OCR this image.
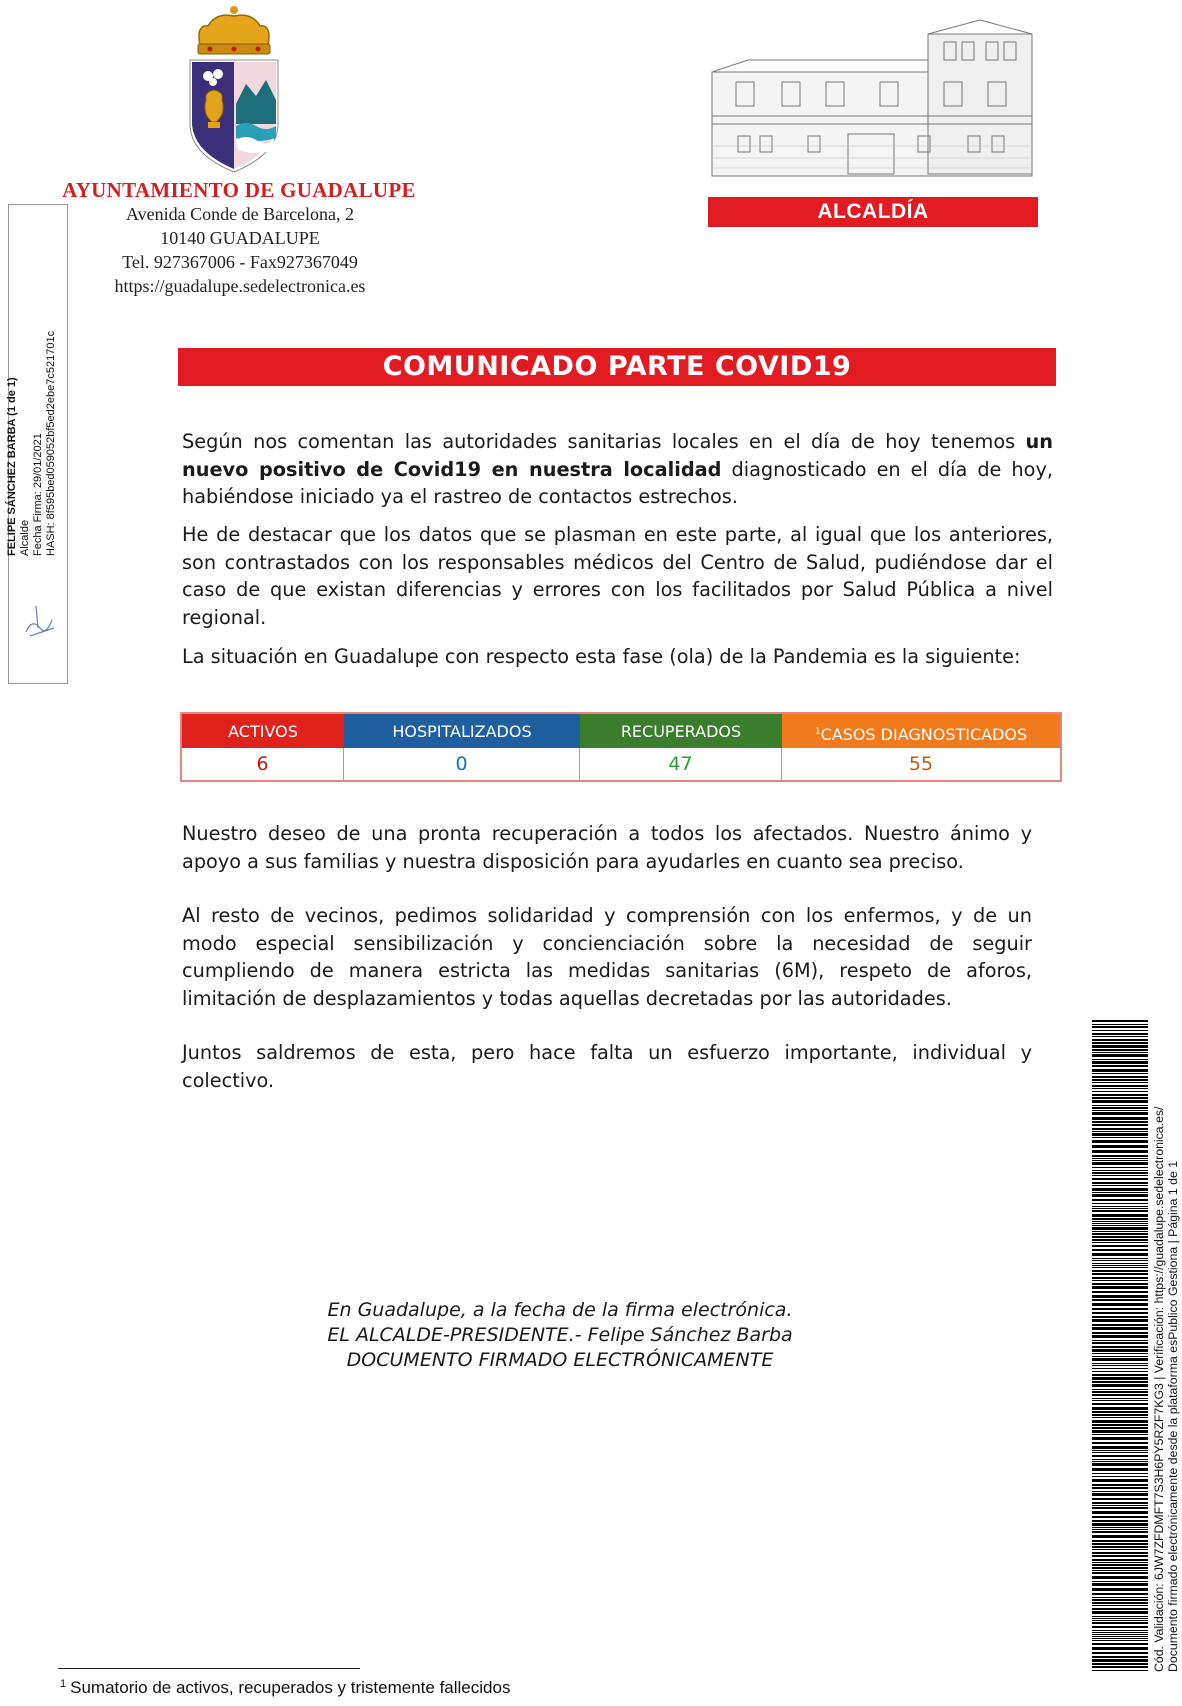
AYUNTAMIENTO DE GUADALUPE
Avenida Conde de Barcelona, 2
10140 GUADALUPE
Tel. 927367006 - Fax927367049
https://guadalupe.sedelectronica.es
ALCALDÍA
FELIPE SÁNCHEZ BARBA (1 de 1) Alcalde Fecha Firma: 29/01/2021 HASH: 8f595bed059052bf5ed2ebe7c521701c	COMUNICADO PARTE COVID19
Según nos comentan las autoridades sanitarias locales en el día de hoy tenemos un nuevo positivo de Covid19 en nuestra localidad diagnosticado en el día de hoy, habiéndose iniciado ya el rastreo de contactos estrechos.
He de destacar que los datos que se plasman en este parte, al igual que los anteriores, son contrastados con los responsables médicos del Centro de Salud, pudiéndose dar el caso de que existan diferencias y errores con los facilitados por Salud Pública a nivel regional.
La situación en Guadalupe con respecto esta fase (ola) de la Pandemia es la siguiente:
ACTIVOS
6
HOSPITALIZADOS
0
RECUPERADOS
47
$^1$CASOS DIAGNOSTICADOS
55
Nuestro deseo de una pronta recuperación a todos los afectados. Nuestro ánimo y apoyo a sus familias y nuestra disposición para ayudarles en cuanto sea preciso.
Al resto de vecinos, pedimos solidaridad y comprensión con los enfermos, y de un modo especial sensibilización y concienciación sobre la necesidad de seguir cumpliendo de manera estricta las medidas sanitarias (6M), respeto de aforos, limitación de desplazamientos y todas aquellas decretadas por las autoridades.
Juntos saldremos de esta, pero hace falta un esfuerzo importante, individual y colectivo.
En Guadalupe, a la fecha de la firma electrónica.
EL ALCALDE-PRESIDENTE.- Felipe Sánchez Barba
DOCUMENTO FIRMADO ELECTRÓNICAMENTE
$^1$ Sumatorio de activos, recuperados y tristemente fallecidos
Cód. Validación: 6JW7ZFDMFT7S3H6PY5RZF7KG3 | Verificación: https://guadalupe.sedelectronica.es/ Documento firmado electrónicamente desde la plataforma esPublico Gestiona | Página 1 de 1
